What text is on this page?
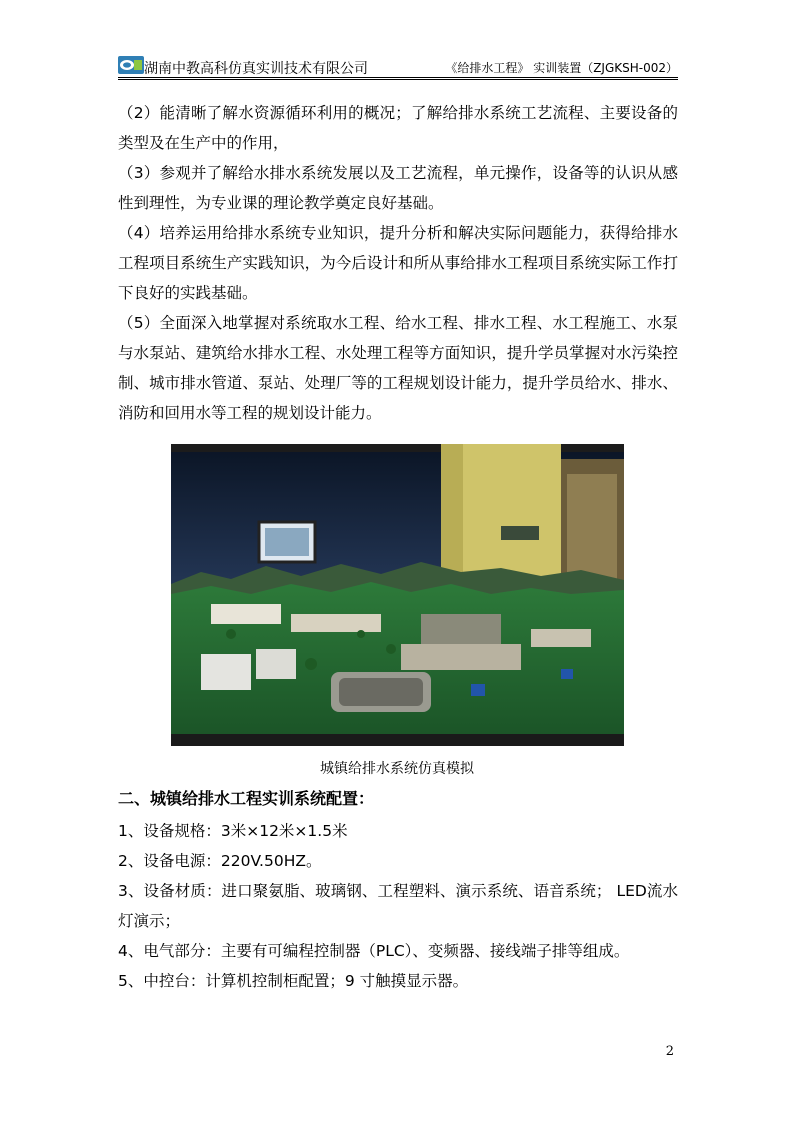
湖南中教高科仿真实训技术有限公司	《给排水工程》 实训装置（ZJGKSH-002）

（2）能清晰了解水资源循环利用的概况；了解给排水系统工艺流程、主要设备的类型及在生产中的作用，

（3）参观并了解给水排水系统发展以及工艺流程，单元操作，设备等的认识从感性到理性，为专业课的理论教学奠定良好基础。

（4）培养运用给排水系统专业知识，提升分析和解决实际问题能力，获得给排水工程项目系统生产实践知识，为今后设计和所从事给排水工程项目系统实际工作打下良好的实践基础。

（5）全面深入地掌握对系统取水工程、给水工程、排水工程、水工程施工、水泵与水泵站、建筑给水排水工程、水处理工程等方面知识，提升学员掌握对水污染控制、城市排水管道、泵站、处理厂等的工程规划设计能力，提升学员给水、排水、消防和回用水等工程的规划设计能力。

城镇给排水系统仿真模拟
二、城镇给排水工程实训系统配置：

1、设备规格：3米×12米×1.5米

2、设备电源：220V.50HZ。

3、设备材质：进口聚氨脂、玻璃钢、工程塑料、演示系统、语音系统； LED流水灯演示；

4、电气部分：主要有可编程控制器（PLC）、变频器、接线端子排等组成。

5、中控台：计算机控制柜配置；9 寸触摸显示器。

2
